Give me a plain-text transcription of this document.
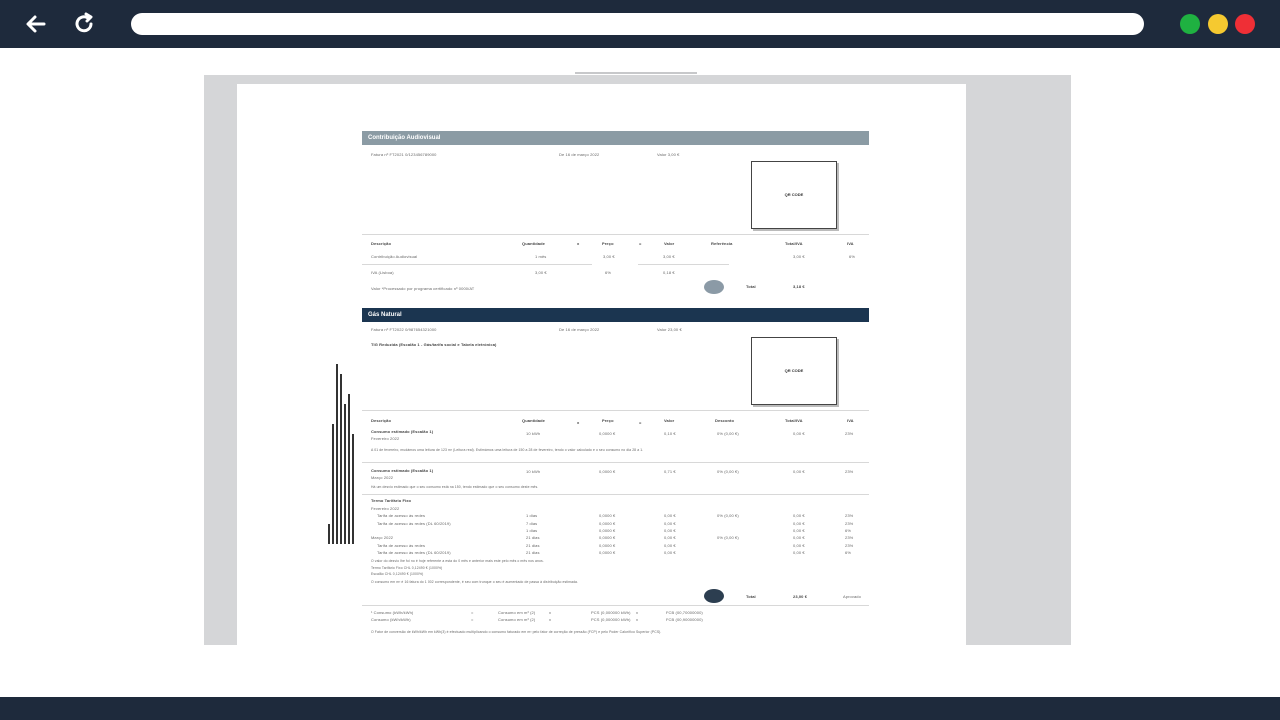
Contribuição Audiovisual
Fatura nº FT2021 0/123456789000	De 16 de março 2022	Valor 3,00 €
QR CODE
Descrição	Quantidade	x	Preço	=	Valor	Referência	Total/IVA	IVA
Contribuição Audiovisual	1 mês	3,00 €	3,00 €	3,00 €	6%
IVA (Lisboa)	3,00 €	6%	0,18 €
Valor *Processado por programa certificado nº 0000/AT	Total	3,18 €
Gás Natural
Fatura nº FT2022 0/987654321000	De 16 de março 2022	Valor 23,00 €
TIG Reduzida (Escalão 1 - Gás/tarifa social e Tabela eletrónica)
QR CODE
Descrição	Quantidade	x	Preço	=	Valor	Desconto	Total/IVA	IVA
Consumo estimado (Escalão 1)
Fevereiro 2022
10 kWh	0,0000 €	0,10 €	0% (0,00 €)	0,00 €	23%
A 01 de fevereiro, mudámos uma leitura de 123 m³ (Leitura real). Estimámos uma leitura de 150 a 28 de fevereiro, tendo o valor calculado e o seu consumo no dia 28 a 1.
Consumo estimado (Escalão 1)
Março 2022
10 kWh	0,0000 €	0,71 €	0% (0,00 €)	0,00 €	23%
Há um desvio estimado que o seu consumo está na 150, tendo estimado que o seu consumo deste mês.
Termo Tarifário Fixo
Fevereiro 2022
Tarifa de acesso às redes	1 dias	0,0000 €	0,00 €	0% (0,00 €)	0,00 €	23%
Tarifa de acesso às redes (DL 60/2019)	7 dias	0,0000 €	0,00 €	0,00 €	23%
1 dias	0,0000 €	0,00 €	0,00 €	6%
Março 2022	21 dias	0,0000 €	0,00 €	0% (0,00 €)	0,00 €	23%
Tarifa de acesso às redes	21 dias	0,0000 €	0,00 €	0,00 €	23%
Tarifa de acesso às redes (DL 60/2019)	21 dias	0,0000 €	0,00 €	0,00 €	6%
O valor do desvio lhe foi no é hoje referente a esta do 0 mês e anterior mais este pelo mês o mês nos anos.
Termo Tarifário Fixo CHL 0,12490 € (1000%)
Escalão CHL 0,12490 € (1000%)
O consumo em m³ é 16 fatura do 1 002 correspondente, é seu com trunque o seu é aumentado de passa à distribuição estimada.
Total	23,00 €	Aprovado
¹ Consumo (kWh/kWh)	=	Consumo em m³ (2)	x	PCS (0,000000 kWh) x	FCB (00,70000000)
Consumo (kWh/kWh)	=	Consumo em m³ (2)	x	PCS (0,000000 kWh) x	FCB (00,90000000)
O Fator de conversão de kWh/kWh em kWh(3) é efectuado multiplicando o consumo faturado em m³ pelo fator de correção de pressão (FCP) e pelo Poder Calorífico Superior (PCS).
